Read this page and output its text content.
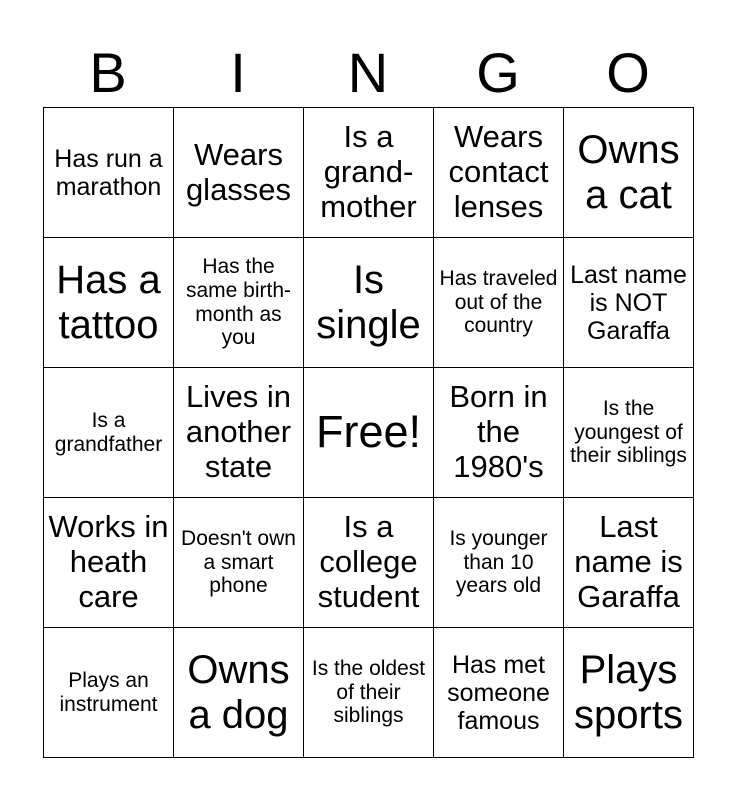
B	I	N	G	O
Has run a marathon	Wears glasses	Is a grand-mother	Wears contact lenses	Owns a cat
Has a tattoo	Has the same birth-month as you	Is single	Has traveled out of the country	Last name is NOT Garaffa
Is a grandfather	Lives in another state	Free!	Born in the 1980's	Is the youngest of their siblings
Works in heath care	Doesn't own a smart phone	Is a college student	Is younger than 10 years old	Last name is Garaffa
Plays an instrument	Owns a dog	Is the oldest of their siblings	Has met someone famous	Plays sports
